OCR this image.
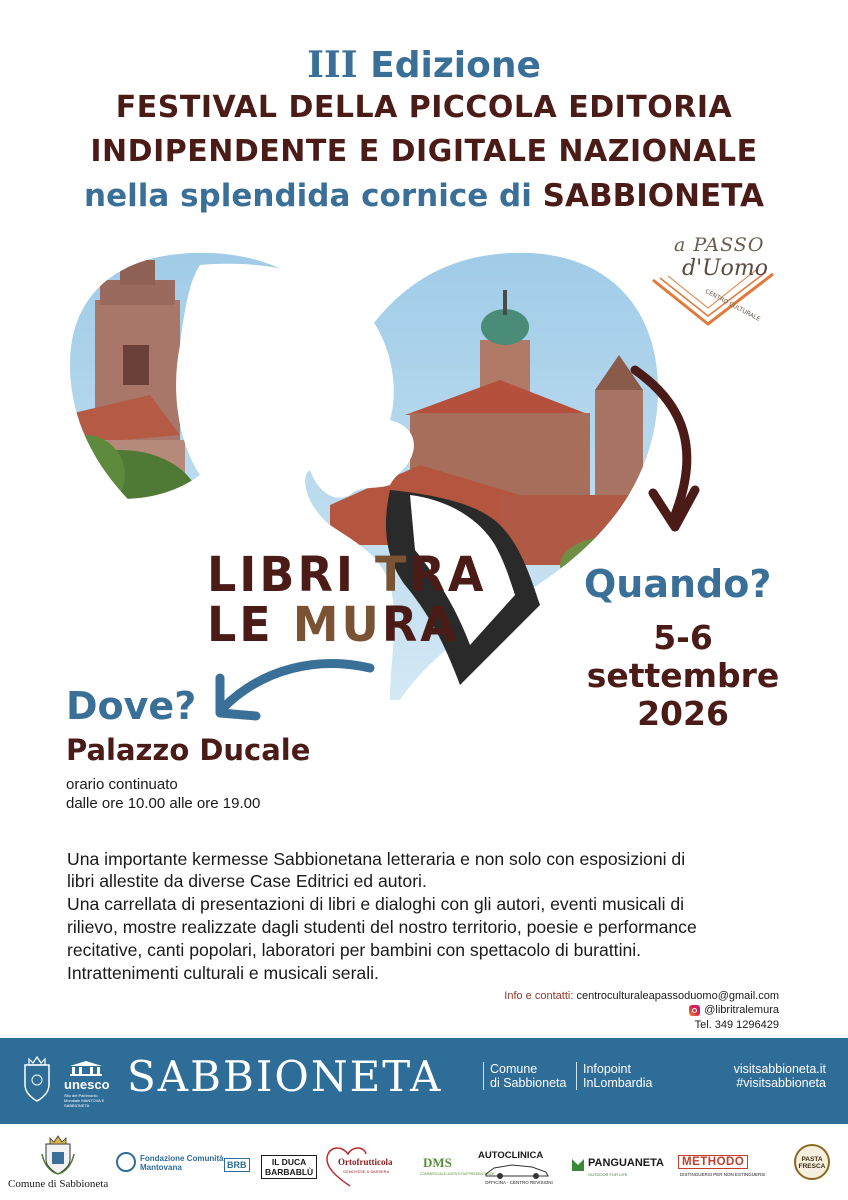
III Edizione
FESTIVAL DELLA PICCOLA EDITORIA
INDIPENDENTE E DIGITALE NAZIONALE
nella splendida cornice di SABBIONETA
a PASSO
d'Uomo
CENTRO CULTURALE
LIBRI TRA
LE MURA
Quando?
5-6
settembre
2026
Dove?
Palazzo Ducale
orario continuato
dalle ore 10.00 alle ore 19.00
Una importante kermesse Sabbionetana letteraria e non solo con esposizioni di
libri allestite da diverse Case Editrici ed autori.
Una carrellata di presentazioni di libri e dialoghi con gli autori, eventi musicali di
rilievo, mostre realizzate dagli studenti del nostro territorio, poesie e performance
recitative, canti popolari, laboratori per bambini con spettacolo di burattini.
Intrattenimenti culturali e musicali serali.
Info e contatti: centroculturaleapassoduomo@gmail.com
@libritralemura
Tel. 349 1296429
unesco
Sito del Patrimonio Mondiale MANTOVA E SABBIONETA
SABBIONETA	Comune
di Sabbioneta
Infopoint
InLombardia
visitsabbioneta.it
#visitsabbioneta
Comune di Sabbioneta
Fondazione Comunità
Mantovana	BRB	IL DUCA
BARBABLÙ
Ortofrutticola
GENOVESE & SASSERA
DMS
COMMERCIALE-AGENTI-RAPPRESENTANZE
AUTOCLINICA
OFFICINA - CENTRO REVISIONI
PANGUANETA
OUTDOOR FOR LIFE
METHODO
DISTINGUERSI PER NON ESTINGUERSI
PASTA
FRESCA
